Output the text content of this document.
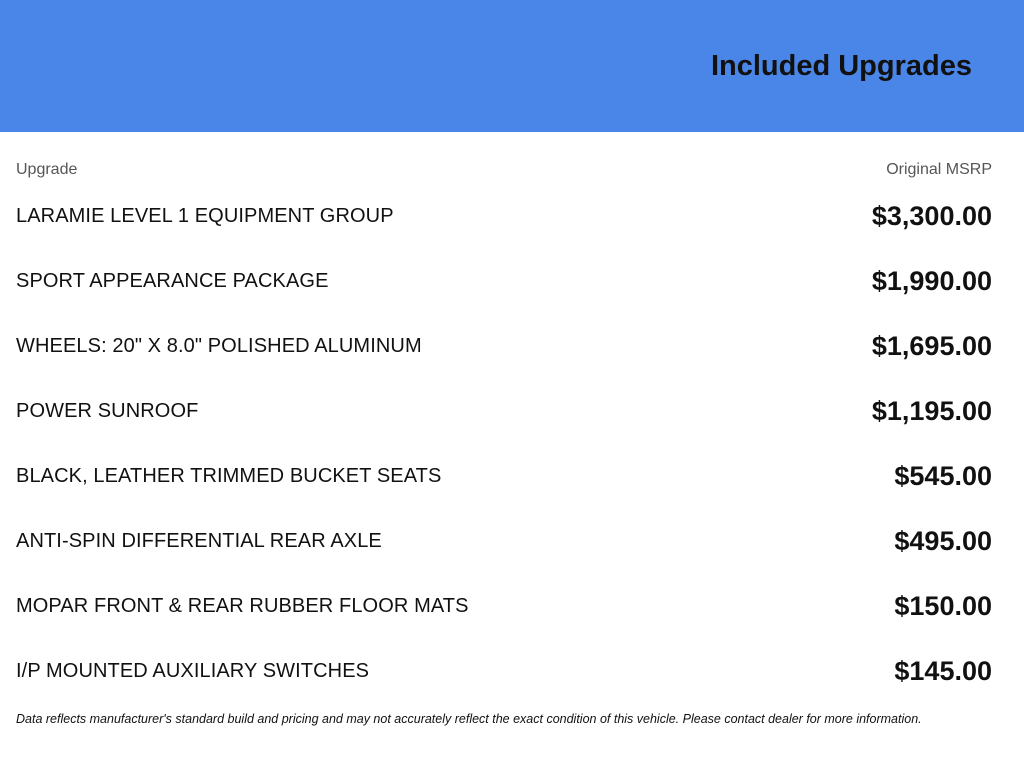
Included Upgrades
Upgrade	Original MSRP
LARAMIE LEVEL 1 EQUIPMENT GROUP	$3,300.00
SPORT APPEARANCE PACKAGE	$1,990.00
WHEELS: 20" X 8.0" POLISHED ALUMINUM	$1,695.00
POWER SUNROOF	$1,195.00
BLACK, LEATHER TRIMMED BUCKET SEATS	$545.00
ANTI-SPIN DIFFERENTIAL REAR AXLE	$495.00
MOPAR FRONT & REAR RUBBER FLOOR MATS	$150.00
I/P MOUNTED AUXILIARY SWITCHES	$145.00

Data reflects manufacturer's standard build and pricing and may not accurately reflect the exact condition of this vehicle. Please contact dealer for more information.
